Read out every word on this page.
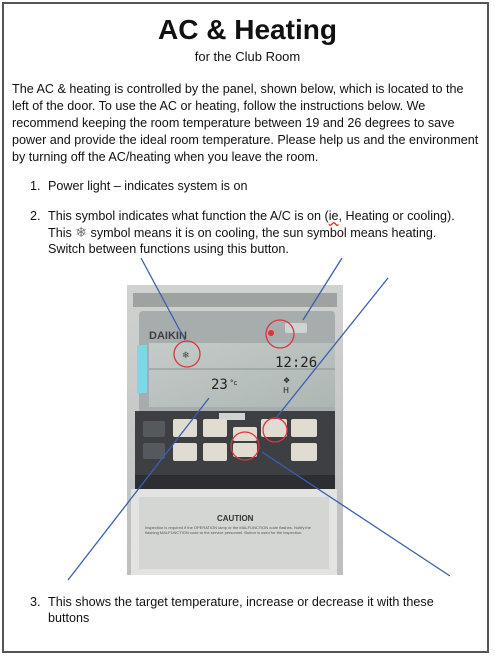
AC & Heating
for the Club Room

The AC & heating is controlled by the panel, shown below, which is located to the left of the door. To use the AC or heating, follow the instructions below. We recommend keeping the room temperature between 19 and 26 degrees to save power and provide the ideal room temperature. Please help us and the environment by turning off the AC/heating when you leave the room.

1. Power light – indicates system is on
2. This symbol indicates what function the A/C is on (ie, Heating or cooling).
This ❄ symbol means it is on cooling, the sun symbol means heating.
Switch between functions using this button.
3. This shows the target temperature, increase or decrease it with these
buttons
DAIKIN
❄	12:26
23 °c
H
❖
CAUTION
Inspection is required if the OPERATION lamp or the MALFUNCTION code flashes. Notify the flashing MALFUNCTION code to the service personnel. Button is used for the inspection.
